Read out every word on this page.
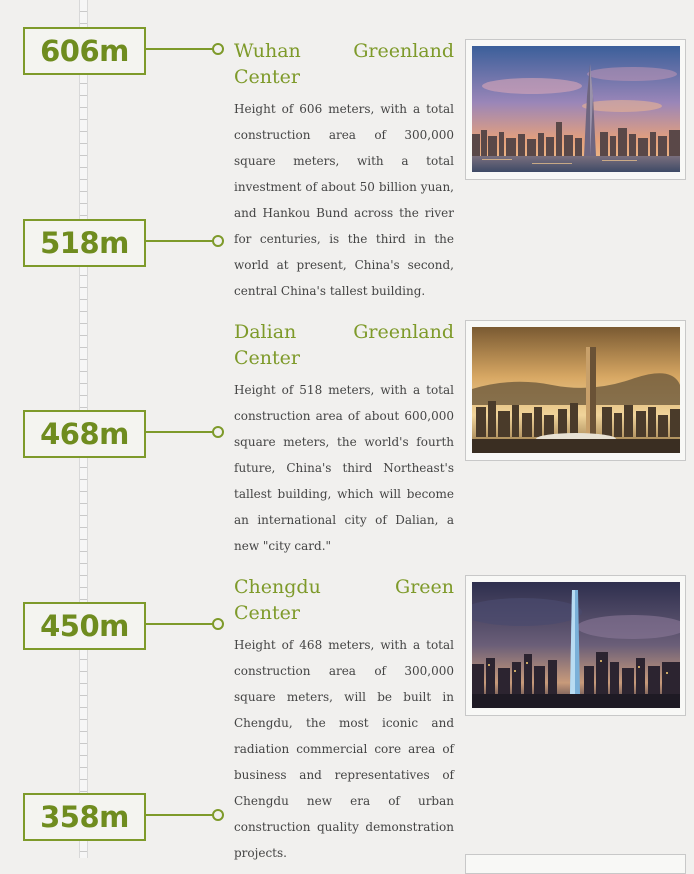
606m
518m
468m
450m
358m
Wuhan	Greenland
Center

Height of 606 meters, with a total construction area of 300,000 square meters, with a total investment of about 50 billion yuan, and Hankou Bund across the river for centuries, is the third in the world at present, China's second, central China's tallest building.

Dalian	Greenland
Center

Height of 518 meters, with a total construction area of about 600,000 square meters, the world's fourth future, China's third Northeast's tallest building, which will become an international city of Dalian, a new "city card."

Chengdu Green Center

Height of 468 meters, with a total construction area of 300,000 square meters, will be built in Chengdu, the most iconic and radiation commercial core area of business and representatives of Chengdu new era of urban construction quality demonstration projects.
